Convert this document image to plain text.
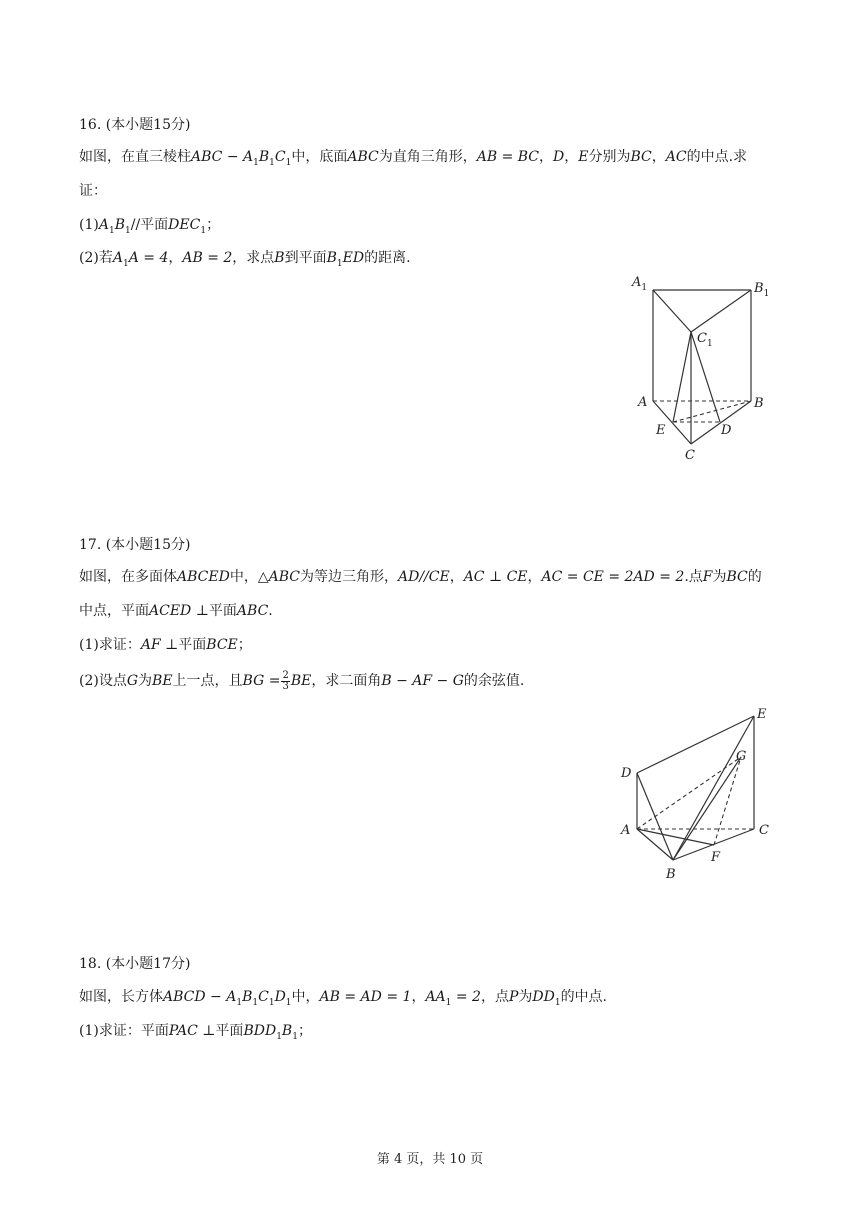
16. (本小题15分)
如图，在直三棱柱ABC − $A_1B_1C_1$中，底面ABC为直角三角形，AB = BC，D，E分别为BC，AC的中点.求
证：
$(1)A_1B_1//$平面$DEC_1$；
(2)若$A_1A = 4$，AB = 2，求点B到平面$B_1ED$的距离.
$A_1$	$B_1$
$C_1$
A	B
E	D
C
17. (本小题15分)
如图，在多面体ABCED中，△ABC为等边三角形，AD//CE，AC ⊥ CE，AC = CE = 2AD = 2.点F为BC的
中点，平面ACED ⊥平面ABC.
(1)求证：AF ⊥平面BCE；
(2)设点G为BE上一点，且BG = $\frac{2}{3}$ BE，求二面角B − AF − G的余弦值.
D
E
G
A	C
F
B
18. (本小题17分)
如图，长方体ABCD − $A_1B_1C_1D_1$中，AB = AD = 1，$AA_1 = 2$，点P为$DD_1$的中点.
(1)求证：平面PAC ⊥平面$BDD_1B_1$；
第 4 页，共 10 页
